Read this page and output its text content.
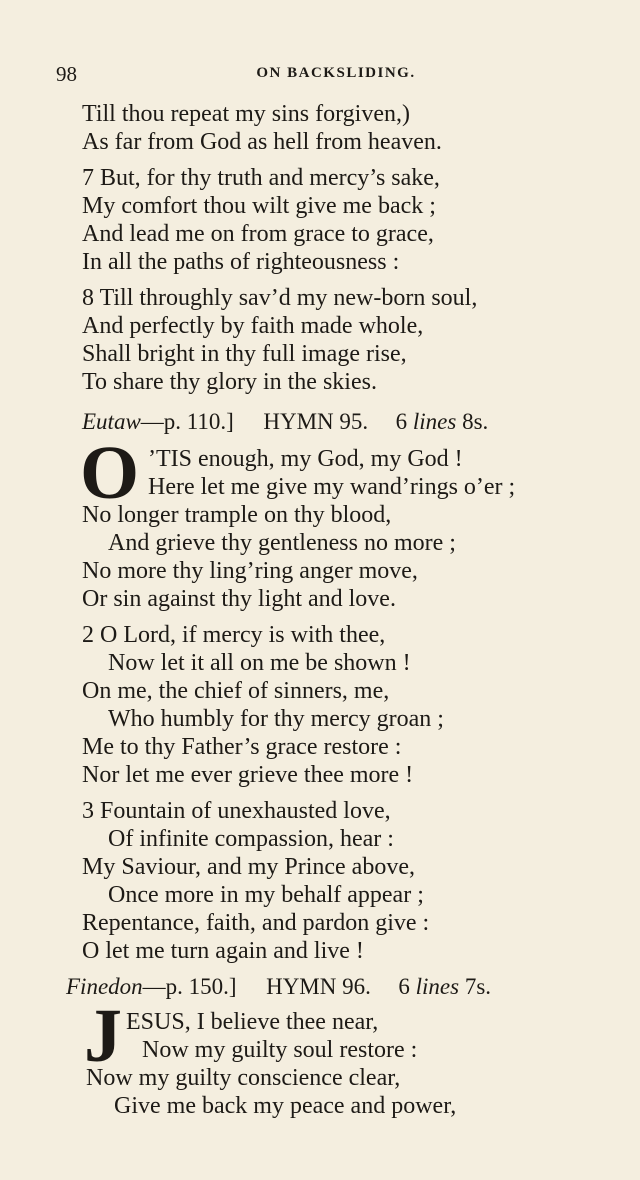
98	ON BACKSLIDING.
Till thou repeat my sins forgiven,)
As far from God as hell from heaven.
7 But, for thy truth and mercy’s sake,
My comfort thou wilt give me back ;
And lead me on from grace to grace,
In all the paths of righteousness :
8 Till throughly sav’d my new-born soul,
And perfectly by faith made whole,
Shall bright in thy full image rise,
To share thy glory in the skies.
Eutaw—p. 110.] HYMN 95. 6 lines 8s.
O ’TIS enough, my God, my God !
Here let me give my wand’rings o’er ;
No longer trample on thy blood,
And grieve thy gentleness no more ;
No more thy ling’ring anger move,
Or sin against thy light and love.
2 O Lord, if mercy is with thee,
Now let it all on me be shown !
On me, the chief of sinners, me,
Who humbly for thy mercy groan ;
Me to thy Father’s grace restore :
Nor let me ever grieve thee more !
3 Fountain of unexhausted love,
Of infinite compassion, hear :
My Saviour, and my Prince above,
Once more in my behalf appear ;
Repentance, faith, and pardon give :
O let me turn again and live !
Finedon—p. 150.] HYMN 96. 6 lines 7s.
J ESUS, I believe thee near,
Now my guilty soul restore :
Now my guilty conscience clear,
Give me back my peace and power,
